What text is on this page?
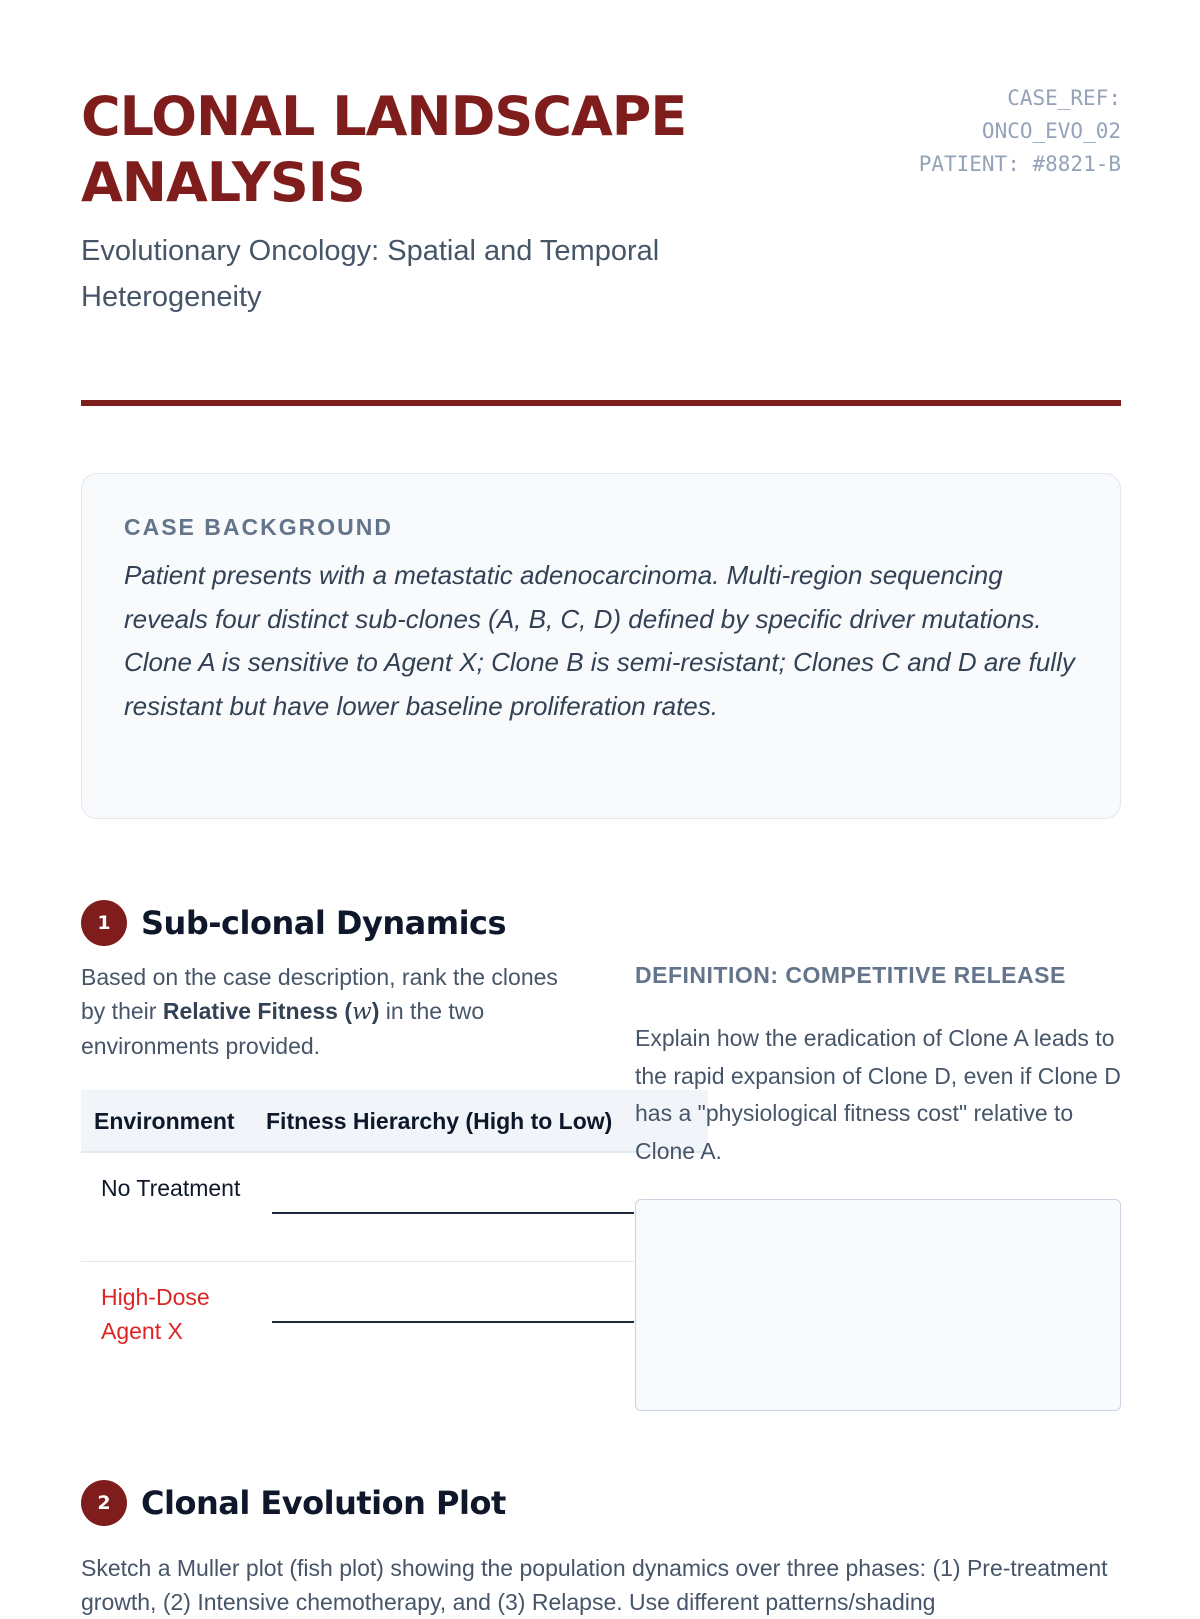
CLONAL LANDSCAPE
ANALYSIS
Evolutionary Oncology: Spatial and Temporal Heterogeneity
CASE_REF:
ONCO_EVO_02
PATIENT: #8821-B
CASE BACKGROUND
Patient presents with a metastatic adenocarcinoma. Multi-region sequencing reveals four distinct sub-clones (A, B, C, D) defined by specific driver mutations. Clone A is sensitive to Agent X; Clone B is semi-resistant; Clones C and D are fully resistant but have lower baseline proliferation rates.
1 Sub-clonal Dynamics
Based on the case description, rank the clones by their Relative Fitness (w) in the two environments provided.
Environment Fitness Hierarchy (High to Low)
No Treatment
High-Dose Agent X
DEFINITION: COMPETITIVE RELEASE
Explain how the eradication of Clone A leads to the rapid expansion of Clone D, even if Clone D has a "physiological fitness cost" relative to Clone A.
2 Clonal Evolution Plot
Sketch a Muller plot (fish plot) showing the population dynamics over three phases: (1) Pre-treatment growth, (2) Intensive chemotherapy, and (3) Relapse. Use different patterns/shading
